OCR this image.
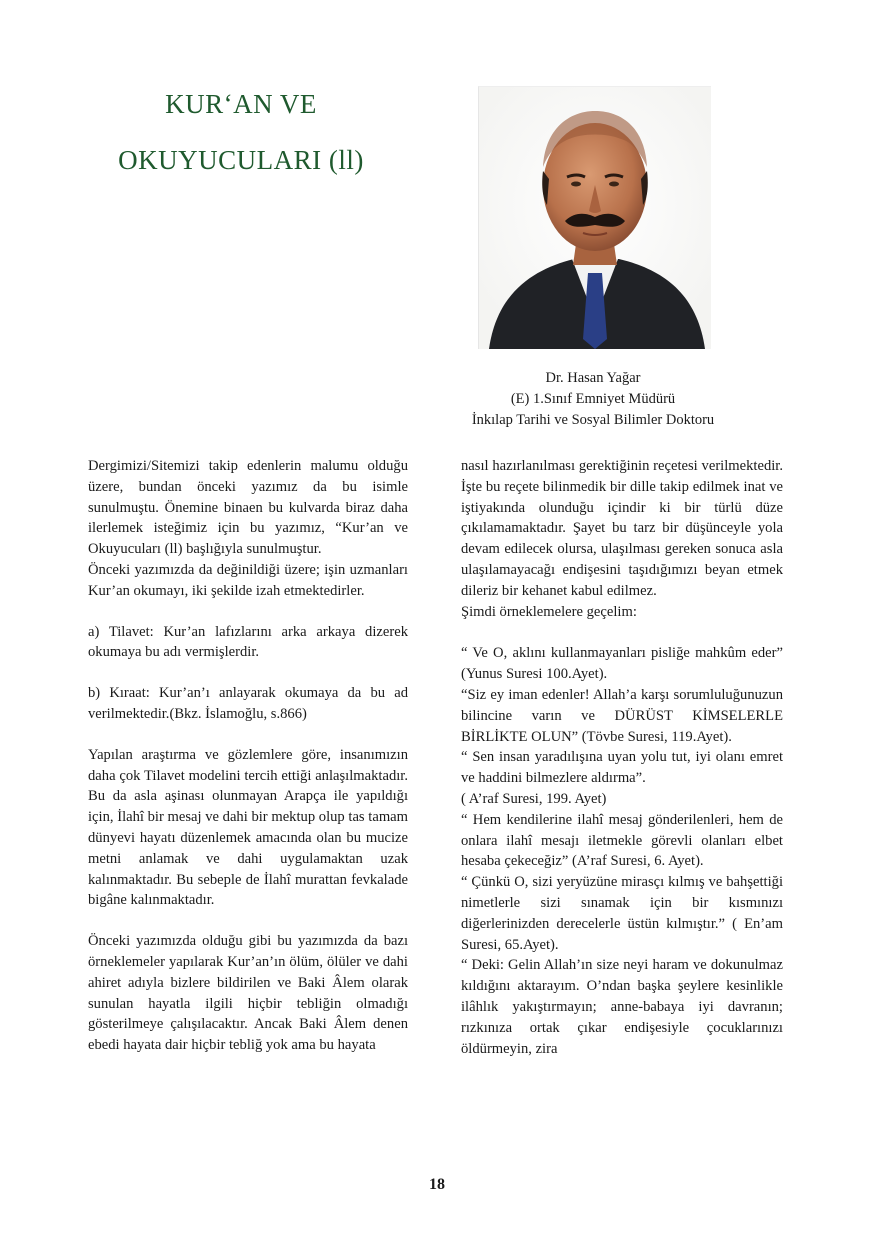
KUR‘AN VE
OKUYUCULARI (ll)
Dr. Hasan Yağar
(E) 1.Sınıf Emniyet Müdürü
İnkılap Tarihi ve Sosyal Bilimler Doktoru

Dergimizi/Sitemizi takip edenlerin malumu olduğu üzere, bundan önceki yazımız da bu isimle sunulmuştu. Önemine binaen bu kulvarda biraz daha ilerlemek isteğimiz için bu yazımız, “Kur’an ve Okuyucuları (ll) başlığıyla sunulmuştur.

Önceki yazımızda da değinildiği üzere; işin uzmanları Kur’an okumayı, iki şekilde izah etmektedirler.

a) Tilavet: Kur’an lafızlarını arka arkaya dizerek okumaya bu adı vermişlerdir.

b) Kıraat: Kur’an’ı anlayarak okumaya da bu ad verilmektedir.(Bkz. İslamoğlu, s.866)

Yapılan araştırma ve gözlemlere göre, insanımızın daha çok Tilavet modelini tercih ettiği anlaşılmaktadır. Bu da asla aşinası olunmayan Arapça ile yapıldığı için, İlahî bir mesaj ve dahi bir mektup olup tas tamam dünyevi hayatı düzenlemek amacında olan bu mucize metni anlamak ve dahi uygulamaktan uzak kalınmaktadır. Bu sebeple de İlahî murattan fevkalade bigâne kalınmaktadır.

Önceki yazımızda olduğu gibi bu yazımızda da bazı örneklemeler yapılarak Kur’an’ın ölüm, ölüler ve dahi ahiret adıyla bizlere bildirilen ve Baki Âlem olarak sunulan hayatla ilgili hiçbir tebliğin olmadığı gösterilmeye çalışılacaktır. Ancak Baki Âlem denen ebedi hayata dair hiçbir tebliğ yok ama bu hayata

nasıl hazırlanılması gerektiğinin reçetesi verilmektedir. İşte bu reçete bilinmedik bir dille takip edilmek inat ve iştiyakında olunduğu içindir ki bir türlü düze çıkılamamaktadır. Şayet bu tarz bir düşünceyle yola devam edilecek olursa, ulaşılması gereken sonuca asla ulaşılamayacağı endişesini taşıdığımızı beyan etmek dileriz bir kehanet kabul edilmez.

Şimdi örneklemelere geçelim:

“ Ve O, aklını kullanmayanları pisliğe mahkûm eder” (Yunus Suresi 100.Ayet).

“Siz ey iman edenler! Allah’a karşı sorumluluğunuzun bilincine varın ve DÜRÜST KİMSELERLE BİRLİKTE OLUN” (Tövbe Suresi, 119.Ayet).

“ Sen insan yaradılışına uyan yolu tut, iyi olanı emret ve haddini bilmezlere aldırma”.

( A’raf Suresi, 199. Ayet)

“ Hem kendilerine ilahî mesaj gönderilenleri, hem de onlara ilahî mesajı iletmekle görevli olanları elbet hesaba çekeceğiz” (A’raf Suresi, 6. Ayet).

“ Çünkü O, sizi yeryüzüne mirasçı kılmış ve bahşettiği nimetlerle sizi sınamak için bir kısmınızı diğerlerinizden derecelerle üstün kılmıştır.” ( En’am Suresi, 65.Ayet).

“ Deki: Gelin Allah’ın size neyi haram ve dokunulmaz kıldığını aktarayım. O’ndan başka şeylere kesinlikle ilâhlık yakıştırmayın; anne-babaya iyi davranın; rızkınıza ortak çıkar endişesiyle çocuklarınızı öldürmeyin, zira

18
